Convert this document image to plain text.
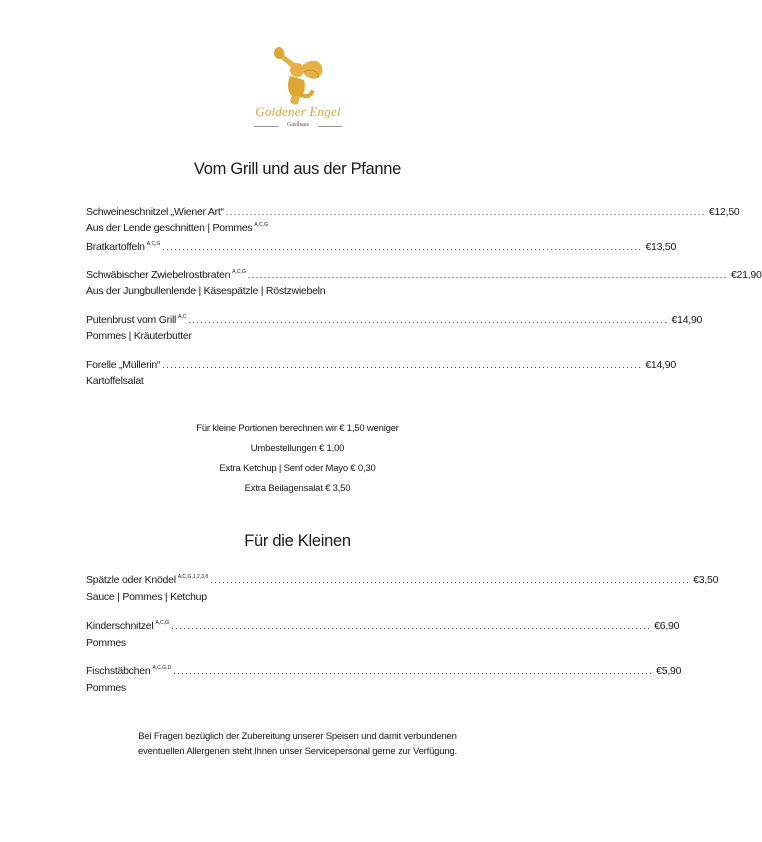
Goldener Engel
Gasthaus
Vom Grill und aus der Pfanne
Schweineschnitzel „Wiener Art“ ........................................................................................................................ € 12,50
Aus der Lende geschnitten | Pommes $^{A,C,G}$
Bratkartoffeln $^{A,C,G}$ ........................................................................................................................ € 13,50
Schwäbischer Zwiebelrostbraten $^{A,C,G}$ ........................................................................................................................ € 21,90
Aus der Jungbullenlende | Käsespätzle | Röstzwiebeln
Putenbrust vom Grill $^{A,C}$ ........................................................................................................................ € 14,90
Pommes | Kräuterbutter
Forelle „Müllerin“ ........................................................................................................................ € 14,90
Kartoffelsalat
Für kleine Portionen berechnen wir € 1,50 weniger
Umbestellungen € 1,00
Extra Ketchup | Senf oder Mayo € 0,30
Extra Beilagensalat € 3,50
Für die Kleinen
Spätzle oder Knödel $^{A,C,G,1,2,3,8}$ ........................................................................................................................ € 3,50
Sauce | Pommes | Ketchup
Kinderschnitzel $^{A,C,G}$ ........................................................................................................................ € 6,90
Pommes
Fischstäbchen $^{A,C,G,D}$ ........................................................................................................................ € 5,90
Pommes
Bei Fragen bezüglich der Zubereitung unserer Speisen und damit verbundenen
eventuellen Allergenen steht Ihnen unser Servicepersonal gerne zur Verfügung.
